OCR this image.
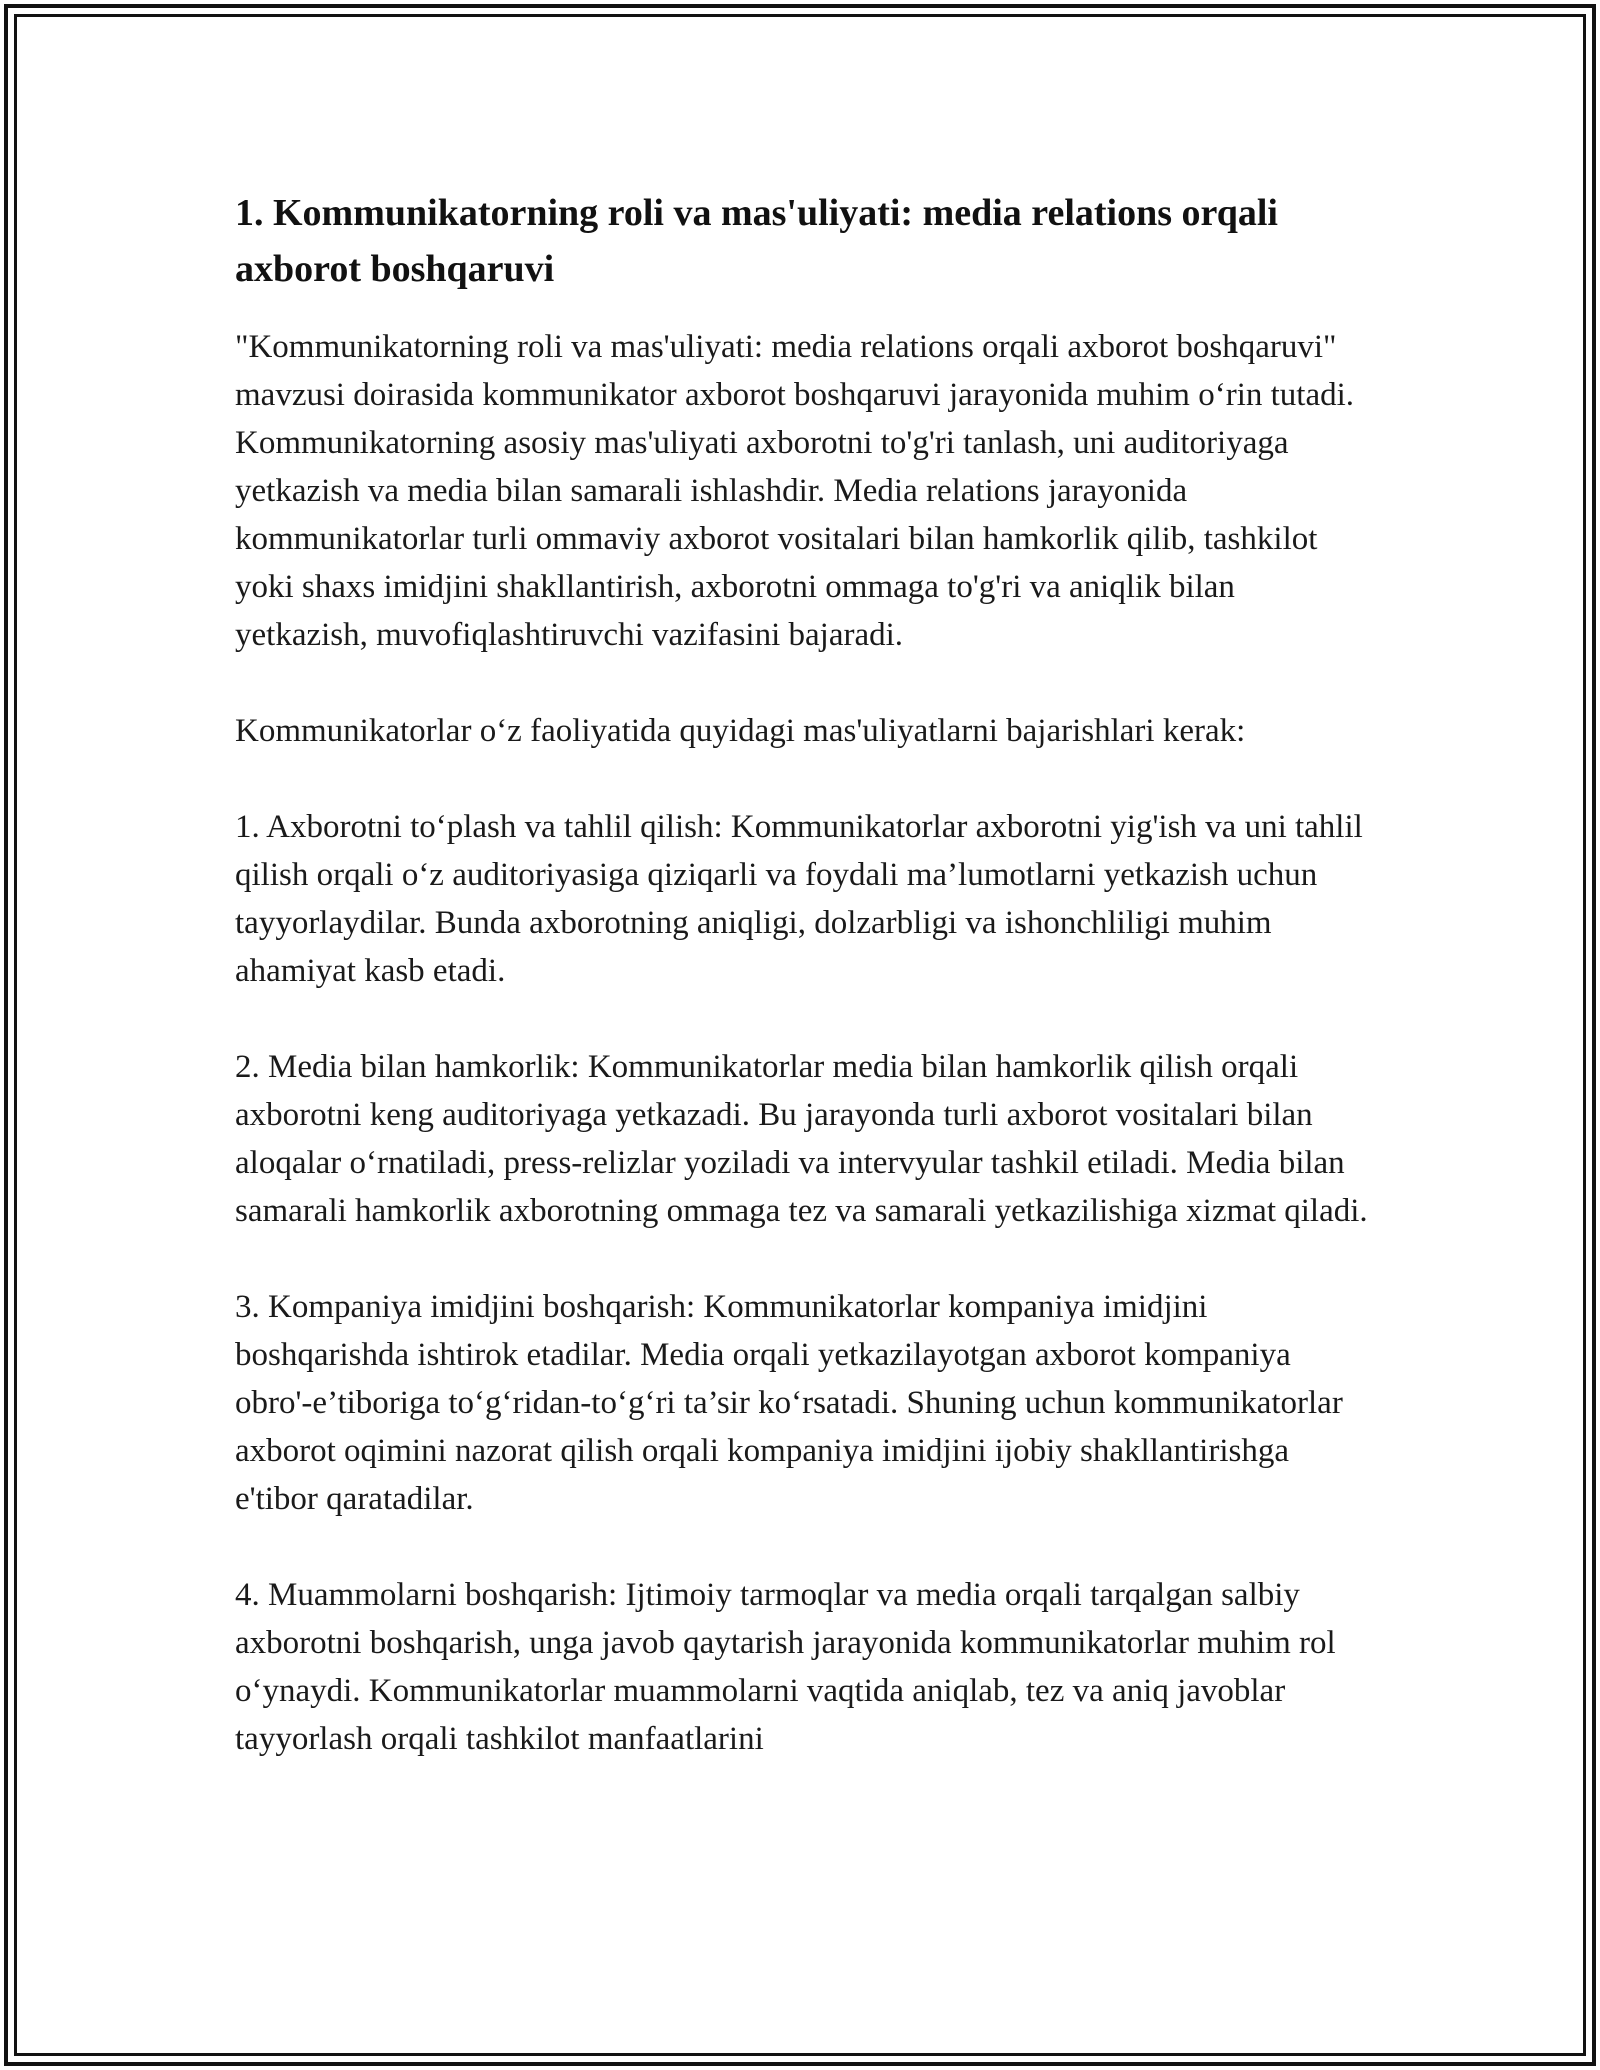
1. Kommunikatorning roli va mas'uliyati: media relations orqali axborot boshqaruvi

"Kommunikatorning roli va mas'uliyati: media relations orqali axborot boshqaruvi" mavzusi doirasida kommunikator axborot boshqaruvi jarayonida muhim o‘rin tutadi. Kommunikatorning asosiy mas'uliyati axborotni to'g'ri tanlash, uni auditoriyaga yetkazish va media bilan samarali ishlashdir. Media relations jarayonida kommunikatorlar turli ommaviy axborot vositalari bilan hamkorlik qilib, tashkilot yoki shaxs imidjini shakllantirish, axborotni ommaga to'g'ri va aniqlik bilan yetkazish, muvofiqlashtiruvchi vazifasini bajaradi.

Kommunikatorlar o‘z faoliyatida quyidagi mas'uliyatlarni bajarishlari kerak:

1. Axborotni to‘plash va tahlil qilish: Kommunikatorlar axborotni yig'ish va uni tahlil qilish orqali o‘z auditoriyasiga qiziqarli va foydali ma’lumotlarni yetkazish uchun tayyorlaydilar. Bunda axborotning aniqligi, dolzarbligi va ishonchliligi muhim ahamiyat kasb etadi.

2. Media bilan hamkorlik: Kommunikatorlar media bilan hamkorlik qilish orqali axborotni keng auditoriyaga yetkazadi. Bu jarayonda turli axborot vositalari bilan aloqalar o‘rnatiladi, press-relizlar yoziladi va intervyular tashkil etiladi. Media bilan samarali hamkorlik axborotning ommaga tez va samarali yetkazilishiga xizmat qiladi.

3. Kompaniya imidjini boshqarish: Kommunikatorlar kompaniya imidjini boshqarishda ishtirok etadilar. Media orqali yetkazilayotgan axborot kompaniya obro'-e’tiboriga to‘g‘ridan-to‘g‘ri ta’sir ko‘rsatadi. Shuning uchun kommunikatorlar axborot oqimini nazorat qilish orqali kompaniya imidjini ijobiy shakllantirishga e'tibor qaratadilar.

4. Muammolarni boshqarish: Ijtimoiy tarmoqlar va media orqali tarqalgan salbiy axborotni boshqarish, unga javob qaytarish jarayonida kommunikatorlar muhim rol o‘ynaydi. Kommunikatorlar muammolarni vaqtida aniqlab, tez va aniq javoblar tayyorlash orqali tashkilot manfaatlarini
